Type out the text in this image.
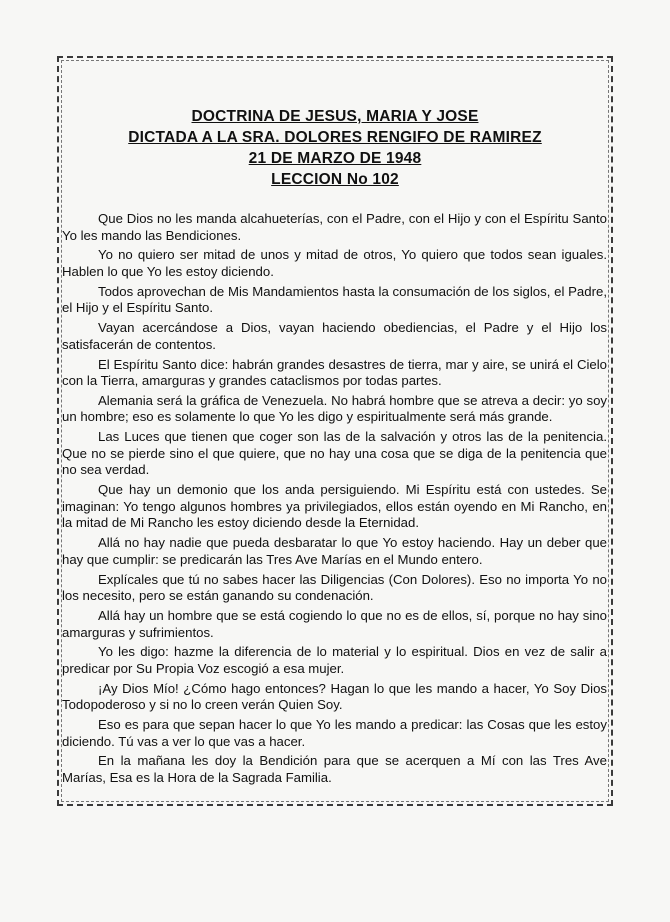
DOCTRINA DE JESUS, MARIA Y JOSE
DICTADA A LA SRA. DOLORES RENGIFO DE RAMIREZ
21 DE MARZO DE 1948
LECCION No 102

Que Dios no les manda alcahueterías, con el Padre, con el Hijo y con el Espíritu Santo Yo les mando las Bendiciones.

Yo no quiero ser mitad de unos y mitad de otros, Yo quiero que todos sean iguales. Hablen lo que Yo les estoy diciendo.

Todos aprovechan de Mis Mandamientos hasta la consumación de los siglos, el Padre, el Hijo y el Espíritu Santo.

Vayan acercándose a Dios, vayan haciendo obediencias, el Padre y el Hijo los satisfacerán de contentos.

El Espíritu Santo dice: habrán grandes desastres de tierra, mar y aire, se unirá el Cielo con la Tierra, amarguras y grandes cataclismos por todas partes.

Alemania será la gráfica de Venezuela. No habrá hombre que se atreva a decir: yo soy un hombre; eso es solamente lo que Yo les digo y espiritualmente será más grande.

Las Luces que tienen que coger son las de la salvación y otros las de la penitencia. Que no se pierde sino el que quiere, que no hay una cosa que se diga de la penitencia que no sea verdad.

Que hay un demonio que los anda persiguiendo. Mi Espíritu está con ustedes. Se imaginan: Yo tengo algunos hombres ya privilegiados, ellos están oyendo en Mi Rancho, en la mitad de Mi Rancho les estoy diciendo desde la Eternidad.

Allá no hay nadie que pueda desbaratar lo que Yo estoy haciendo. Hay un deber que hay que cumplir: se predicarán las Tres Ave Marías en el Mundo entero.

Explícales que tú no sabes hacer las Diligencias (Con Dolores). Eso no importa Yo no los necesito, pero se están ganando su condenación.

Allá hay un hombre que se está cogiendo lo que no es de ellos, sí, porque no hay sino amarguras y sufrimientos.

Yo les digo: hazme la diferencia de lo material y lo espiritual. Dios en vez de salir a predicar por Su Propia Voz escogió a esa mujer.

¡Ay Dios Mío! ¿Cómo hago entonces? Hagan lo que les mando a hacer, Yo Soy Dios Todopoderoso y si no lo creen verán Quien Soy.

Eso es para que sepan hacer lo que Yo les mando a predicar: las Cosas que les estoy diciendo. Tú vas a ver lo que vas a hacer.

En la mañana les doy la Bendición para que se acerquen a Mí con las Tres Ave Marías, Esa es la Hora de la Sagrada Familia.
